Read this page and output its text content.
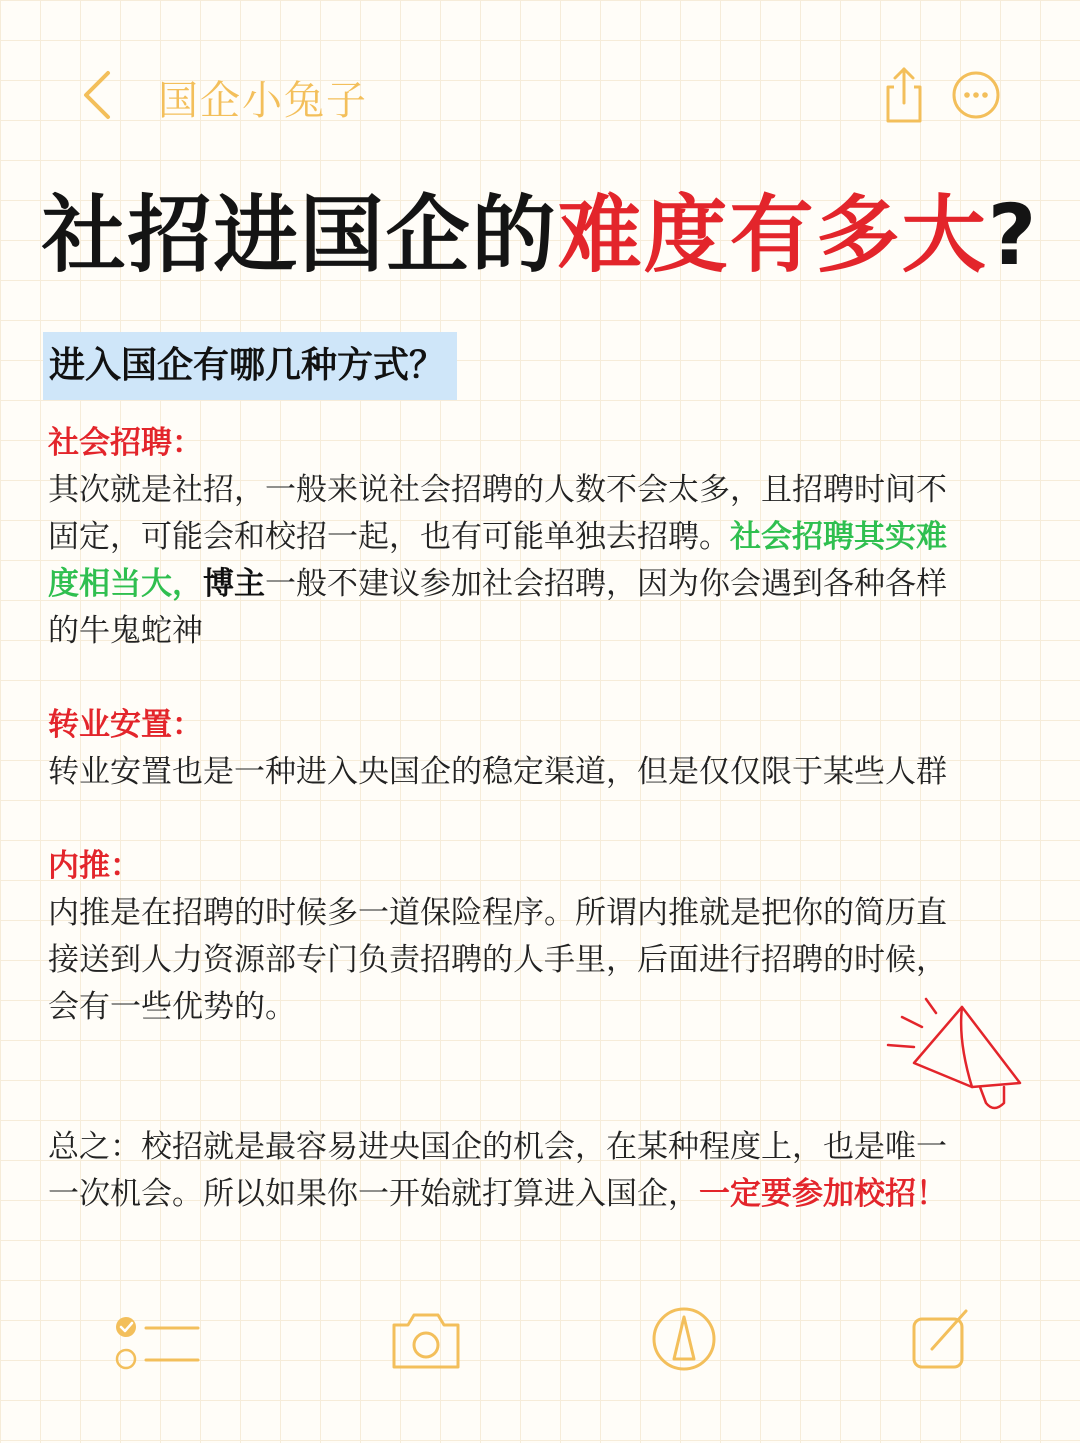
国企小兔子
社招进国企的难度有多大?
进入国企有哪几种方式？
社会招聘：
其次就是社招，一般来说社会招聘的人数不会太多，且招聘时间不
固定，可能会和校招一起，也有可能单独去招聘。社会招聘其实难
度相当大，博主一般不建议参加社会招聘，因为你会遇到各种各样
的牛鬼蛇神
转业安置：
转业安置也是一种进入央国企的稳定渠道，但是仅仅限于某些人群
内推：
内推是在招聘的时候多一道保险程序。所谓内推就是把你的简历直
接送到人力资源部专门负责招聘的人手里，后面进行招聘的时候，
会有一些优势的。
总之：校招就是最容易进央国企的机会，在某种程度上，也是唯一
一次机会。所以如果你一开始就打算进入国企，一定要参加校招！
